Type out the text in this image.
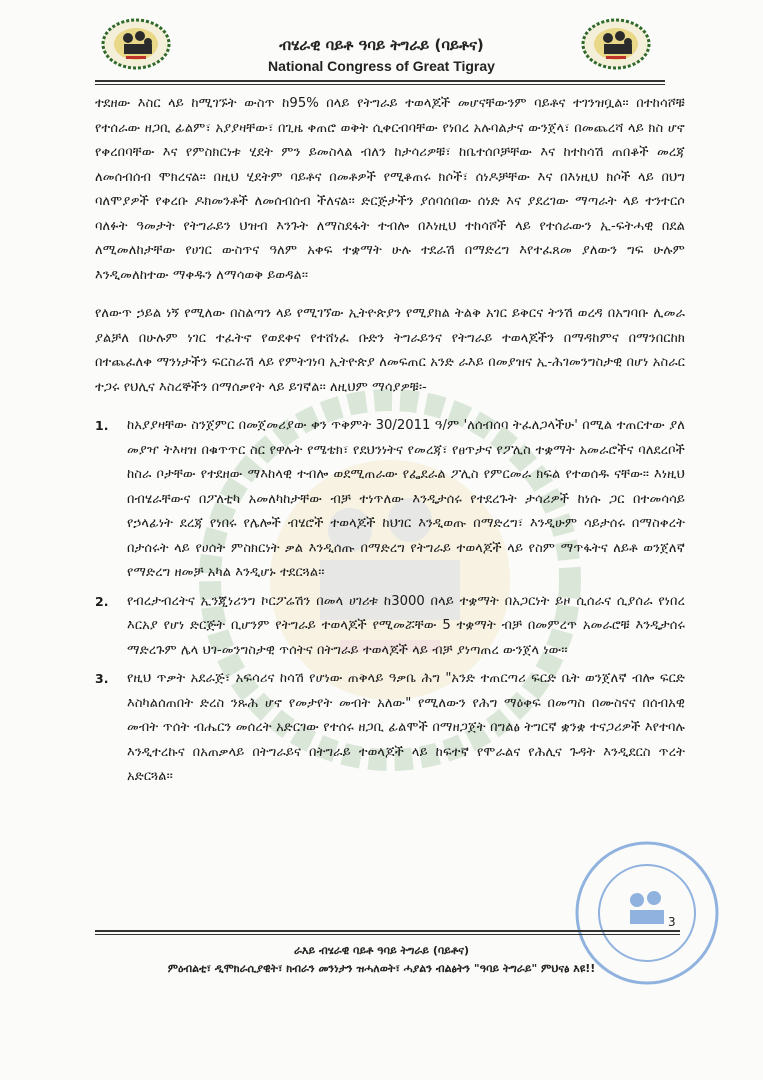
ብሄራዊ ባይቶ ዓባይ ትግራይ (ባይቶና)
National Congress of Great Tigray

ተደዘው እስር ላይ ከሚገኙት ውስጥ ከ95% በላይ የትግራይ ተወላጆች መሆናቸውንም ባይቶና ተገንዝቧል። በተከሳሾቹ የተሰራው ዘጋቢ ፊልም፣ አያያዛቸው፣ በጊዜ ቀጠሮ ወቅት ሲቀርብባቸው የነበረ አሉባልታና ውንጀላ፣ በመጨረሻ ላይ ክስ ሆኖ የቀረበባቸው እና የምስክርነቱ ሂደት ምን ይመስላል ብለን ከታሳሪዎቹ፣ ከቤተሰቦቻቸው እና ከተከሳሽ ጠበቆች መረጃ ለመሰብሰብ ሞክረናል። በዚህ ሂደትም ባይቶና በመቶዎች የሚቆጠሩ ክሶች፣ ሰነዶቻቸው እና በእነዚህ ክሶች ላይ በህግ ባለሞያዎች የቀረቡ ዶክመንቶች ለመሰብሰብ ችለናል፡፡ ድርጅታችን ያሰባሰበው ሰነድ እና ያደረገው ማጣራት ላይ ተንተርሶ ባለፉት ዓመታት የትግራይን ህዝብ እንጉት ለማስደፋት ተብሎ በእነዚህ ተከሳሾች ላይ የተሰራውን ኢ-ፍትሓዊ በደል ለሚመለከታቸው የሀገር ውስጥና ዓለም አቀፍ ተቋማት ሁሉ ተደራሽ በማድረግ እየተፈጸመ ያለውን ግፍ ሁሉም እንዲመለከተው ማቀዱን ለማሳወቅ ይወዳል፡፡

የለውጥ ኃይል ነኝ የሚለው በስልጣን ላይ የሚገኘው ኢትዮጵያን የሚያክል ትልቅ አገር ይቅርና ትንሽ ወረዳ በአግባቡ ሊመራ ያልቻለ በሁሉም ነገር ተፈትኖ የወደቀና የተሸነፈ ቡድን ትግራይንና የትግራይ ተወላጆችን በማዳከምና በማንበርከክ በተጨፈለቀ ማንነታችን ፍርስራሽ ላይ የምትገነባ ኢትዮጵያ ለመፍጠር አንድ ራእይ በመያዝና ኢ-ሕገመንግስታዊ በሆነ አስራር ተጋሩ የህሊና እስረኞችን በማሰቃየት ላይ ይገኛል፡፡ ለዚህም ማሳያዎቹ፡-

1. ከአያያዛቸው ስንጀምር በመጀመሪያው ቀን ጥቅምት 30/2011 ዓ/ም 'ለሰብሰባ ትፈለጋላችሁ' በሚል ተጠርተው ያለ መያዣ ትእዛዝ በቁጥጥር ስር የዋሉት የሜቴክ፣ የደህንነትና የመረጃ፣ የፀጥታና የፖሊስ ተቋማት አመራሮችና ባለደረቦች ከስራ ቦታቸው የተደዘው ማእከላዊ ተብሎ ወደሚጠራው የፌደራል ፖሊስ የምርመራ ክፍል የተወሰዱ ናቸው። እነዚህ በብሄራቸውና በፖለቲካ አመለካከታቸው ብቻ ተነጥለው እንዲታሰሩ የተደረጉት ታሳሪዎች ከነሱ ጋር በተመሳሳይ የኃላፊነት ደረጃ የነበሩ የሌሎች ብሄሮች ተወላጆች ከህገር እንዲወጡ በማድረግ፣ እንዲሁም ሳይታሰሩ በማስቀረት በታሰሩት ላይ የሀሰት ምስክርነት ቃል እንዲሰጡ በማድረግ የትግራይ ተወላጆች ላይ የስም ማጥፋትና ለይቶ ወንጀለኛ የማድረግ ዘመቻ አካል እንዲሆኑ ተደርጓል፡፡
2. የብረታብረትና ኢንጂነሪንግ ኮርፖሬሽን በመላ ሀገሪቱ ከ3000 በላይ ተቋማት በአጋርነት ይዞ ሲሰራና ሲያሰራ የነበረ እርአያ የሆነ ድርጅት ቢሆንም የትግራይ ተወላጆች የሚመሯቸው 5 ተቋማት ብቻ በመምረጥ አመራሮቹ እንዲታሰሩ ማድረጉም ሌላ ህገ-መንግስታዊ ጥሰትና በትግራይ ተወላጆች ላይ ብቻ ያነጣጠረ ውንጀላ ነው፡፡
3. የዚህ ጥቃት አደራጅ፣ አፍሳሪና ከሳሽ የሆነው ጠቅላይ ዓቃቤ ሕግ "አንድ ተጠርጣሪ ፍርድ ቤት ወንጀለኛ ብሎ ፍርድ እስካልሰጠበት ድረስ ንጹሕ ሆኖ የመታየት መብት አለው" የሚለውን የሕግ ማዕቀፍ በመጣስ በሙስናና በሰብአዊ መብት ጥሰት ብሔርን መሰረት አድርገው የተሰሩ ዘጋቢ ፊልሞች በማዘጋጀት በግልፅ ትግርኛ ቋንቋ ተናጋሪዎች እየተባሉ እንዲተረኩና በአጠቃላይ በትግራይና በትግራይ ተወላጆች ላይ ከፍተኛ የሞራልና የሕሊና ጉዳት እንዲደርስ ጥረት አድርጓል፡፡
3
ራእይ ብሄራዊ ባይቶ ዓባይ ትግራይ (ባይቶና)
ምዕብልቲ፣ ዲሞክራሲያዊት፣ ክብራን መንነታን ዝሓለወት፣ ሓያልን ብልፅትን "ዓባይ ትግራይ" ምህናፅ እዩ!!
